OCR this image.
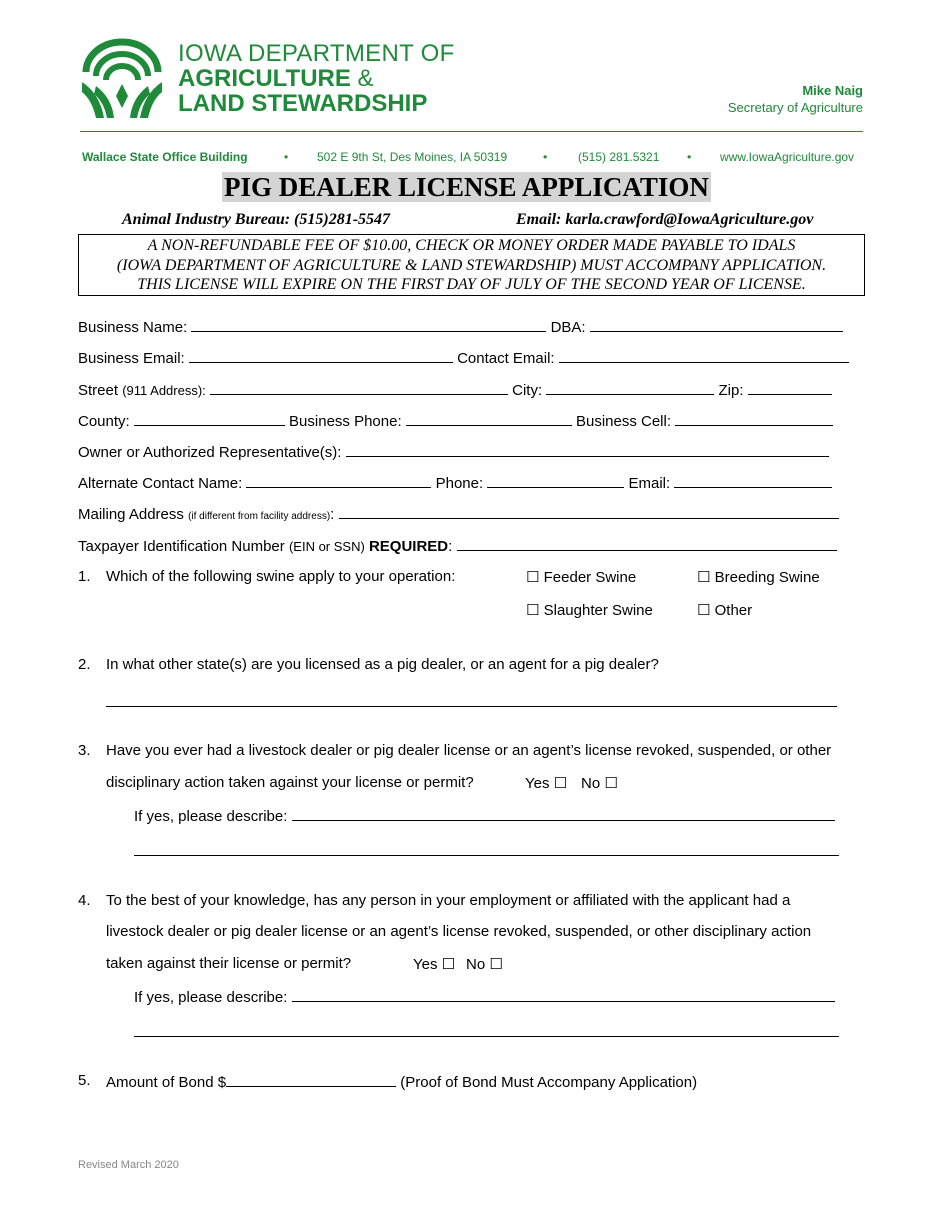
IOWA DEPARTMENT OF
AGRICULTURE &
LAND STEWARDSHIP	Mike Naig
Secretary of Agriculture
Wallace State Office Building	• 502 E 9th St, Des Moines, IA 50319	•	(515) 281.5321 • www.IowaAgriculture.gov
PIG DEALER LICENSE APPLICATION
Animal Industry Bureau: (515)281-5547	Email: karla.crawford@IowaAgriculture.gov
A NON-REFUNDABLE FEE OF $10.00, CHECK OR MONEY ORDER MADE PAYABLE TO IDALS
(IOWA DEPARTMENT OF AGRICULTURE & LAND STEWARDSHIP) MUST ACCOMPANY APPLICATION.
THIS LICENSE WILL EXPIRE ON THE FIRST DAY OF JULY OF THE SECOND YEAR OF LICENSE.
Business Name:	DBA:
Business Email:	Contact Email:
Street (911 Address):	City:	Zip:
County:	Business Phone:	Business Cell:
Owner or Authorized Representative(s):
Alternate Contact Name:	Phone:	Email:
Mailing Address (if different from facility address):
Taxpayer Identification Number (EIN or SSN) REQUIRED:
1. Which of the following swine apply to your operation:	☐ Feeder Swine	☐ Breeding Swine
☐ Slaughter Swine	☐ Other
2. In what other state(s) are you licensed as a pig dealer, or an agent for a pig dealer?
3. Have you ever had a livestock dealer or pig dealer license or an agent’s license revoked, suspended, or other
disciplinary action taken against your license or permit?	Yes ☐ No ☐
If yes, please describe:
4. To the best of your knowledge, has any person in your employment or affiliated with the applicant had a
livestock dealer or pig dealer license or an agent’s license revoked, suspended, or other disciplinary action
taken against their license or permit?	Yes ☐ No ☐
If yes, please describe:
5. Amount of Bond $	(Proof of Bond Must Accompany Application)
Revised March 2020
